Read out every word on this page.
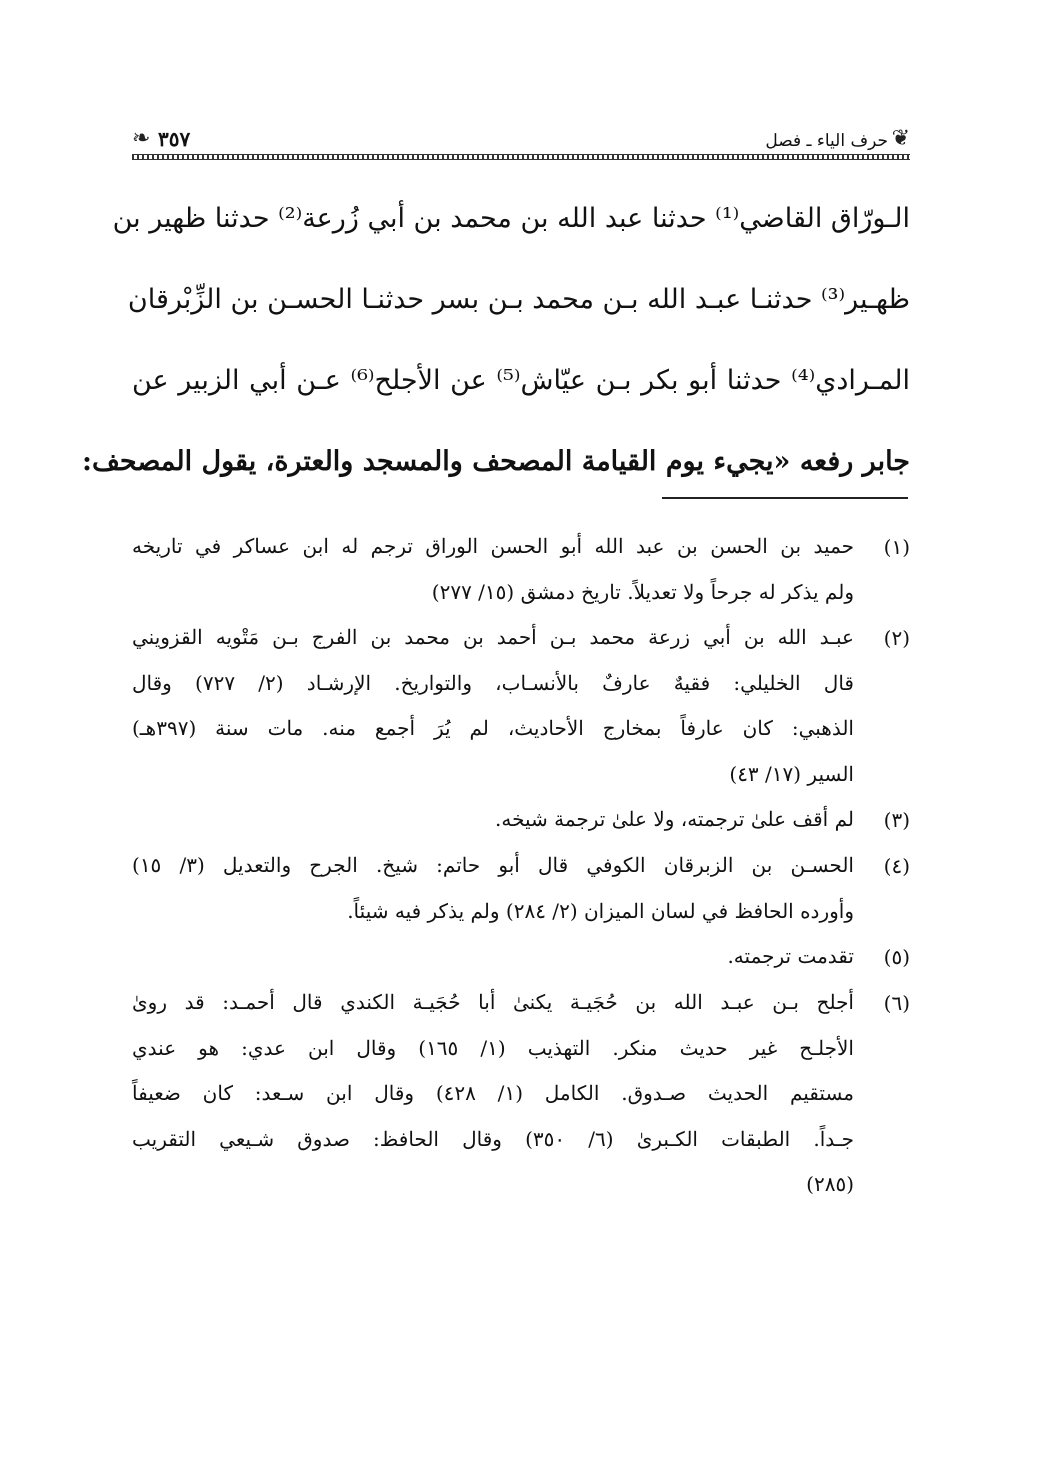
❦
حرف الياء ـ فصل
٣٥٧
❧
الـورّاق القاضي⁽¹⁾ حدثنا عبد الله بن محمد بن أبي زُرعة⁽²⁾ حدثنا ظهير بن
ظهـير⁽³⁾ حدثنـا عبـد الله بـن محمد بـن بسر حدثنـا الحسـن بن الزِّبْرقان
المـرادي⁽⁴⁾ حدثنا أبو بكر بـن عيّاش⁽⁵⁾ عن الأجلح⁽⁶⁾ عـن أبي الزبير عن
جابر رفعه «يجيء يوم القيامة المصحف والمسجد والعترة، يقول المصحف:
(١)
حميد بن الحسن بن عبد الله أبو الحسن الوراق ترجم له ابن عساكر في تاريخه
ولم يذكر له جرحاً ولا تعديلاً. تاريخ دمشق (١٥/ ٢٧٧)
(٢)
عبـد الله بن أبي زرعة محمد بـن أحمد بن محمد بن الفرج بـن مَتْويه القزويني
قال الخليلي: فقيهٌ عارفٌ بالأنسـاب، والتواريخ. الإرشـاد (٢/ ٧٢٧) وقال
الذهبي: كان عارفاً بمخارج الأحاديث، لم يُرَ أجمع منه. مات سنة (٣٩٧هـ)
السير (١٧/ ٤٣)
(٣)
لم أقف علىٰ ترجمته، ولا علىٰ ترجمة شيخه.
(٤)
الحسـن بن الزبرقان الكوفي قال أبو حاتم: شيخ. الجرح والتعديل (٣/ ١٥)
وأورده الحافظ في لسان الميزان (٢/ ٢٨٤) ولم يذكر فيه شيئاً.
(٥)
تقدمت ترجمته.
(٦)
أجلح بـن عبـد الله بن حُجَيـة يكنىٰ أبا حُجَيـة الكندي قال أحمـد: قد روىٰ
الأجلـح غير حديث منكر. التهذيب (١/ ١٦٥) وقال ابن عدي: هو عندي
مستقيم الحديث صـدوق. الكامل (١/ ٤٢٨) وقال ابن سـعد: كان ضعيفاً
جـداً. الطبقات الكـبرىٰ (٦/ ٣٥٠) وقال الحافظ: صدوق شـيعي التقريب
(٢٨٥)
